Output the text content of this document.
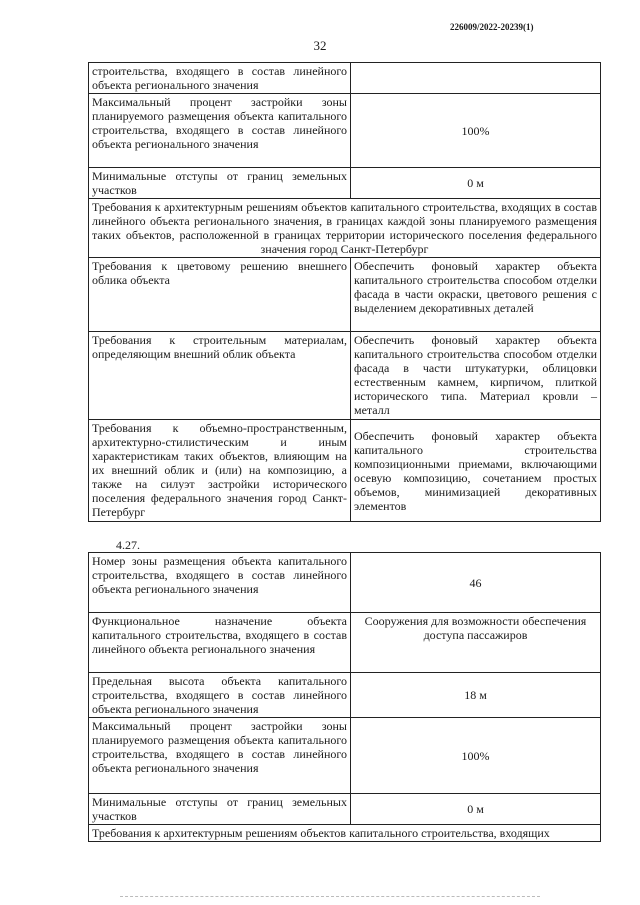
226009/2022-20239(1)
32
строительства, входящего в состав линейного объекта регионального значения	
Максимальный процент застройки зоны планируемого размещения объекта капитального строительства, входящего в состав линейного объекта регионального значения	100%
Минимальные отступы от границ земельных участков	0 м
Требования к архитектурным решениям объектов капитального строительства, входящих в состав линейного объекта регионального значения, в границах каждой зоны планируемого размещения таких объектов, расположенной в границах территории исторического поселения федерального значения город Санкт-Петербург	
Требования к цветовому решению внешнего облика объекта	Обеспечить фоновый характер объекта капитального строительства способом отделки фасада в части окраски, цветового решения с выделением декоративных деталей
Требования к строительным материалам, определяющим внешний облик объекта	Обеспечить фоновый характер объекта капитального строительства способом отделки фасада в части штукатурки, облицовки естественным камнем, кирпичом, плиткой исторического типа. Материал кровли – металл
Требования к объемно-пространственным, архитектурно-стилистическим и иным характеристикам таких объектов, влияющим на их внешний облик и (или) на композицию, а также на силуэт застройки исторического поселения федерального значения город Санкт-Петербург	Обеспечить фоновый характер объекта капитального строительства композиционными приемами, включающими осевую композицию, сочетанием простых объемов, минимизацией декоративных элементов
4.27.
Номер зоны размещения объекта капитального строительства, входящего в состав линейного объекта регионального значения	46
Функциональное назначение объекта капитального строительства, входящего в состав линейного объекта регионального значения	Сооружения для возможности обеспечения доступа пассажиров
Предельная высота объекта капитального строительства, входящего в состав линейного объекта регионального значения	18 м
Максимальный процент застройки зоны планируемого размещения объекта капитального строительства, входящего в состав линейного объекта регионального значения	100%
Минимальные отступы от границ земельных участков	0 м
Требования к архитектурным решениям объектов капитального строительства, входящих	
